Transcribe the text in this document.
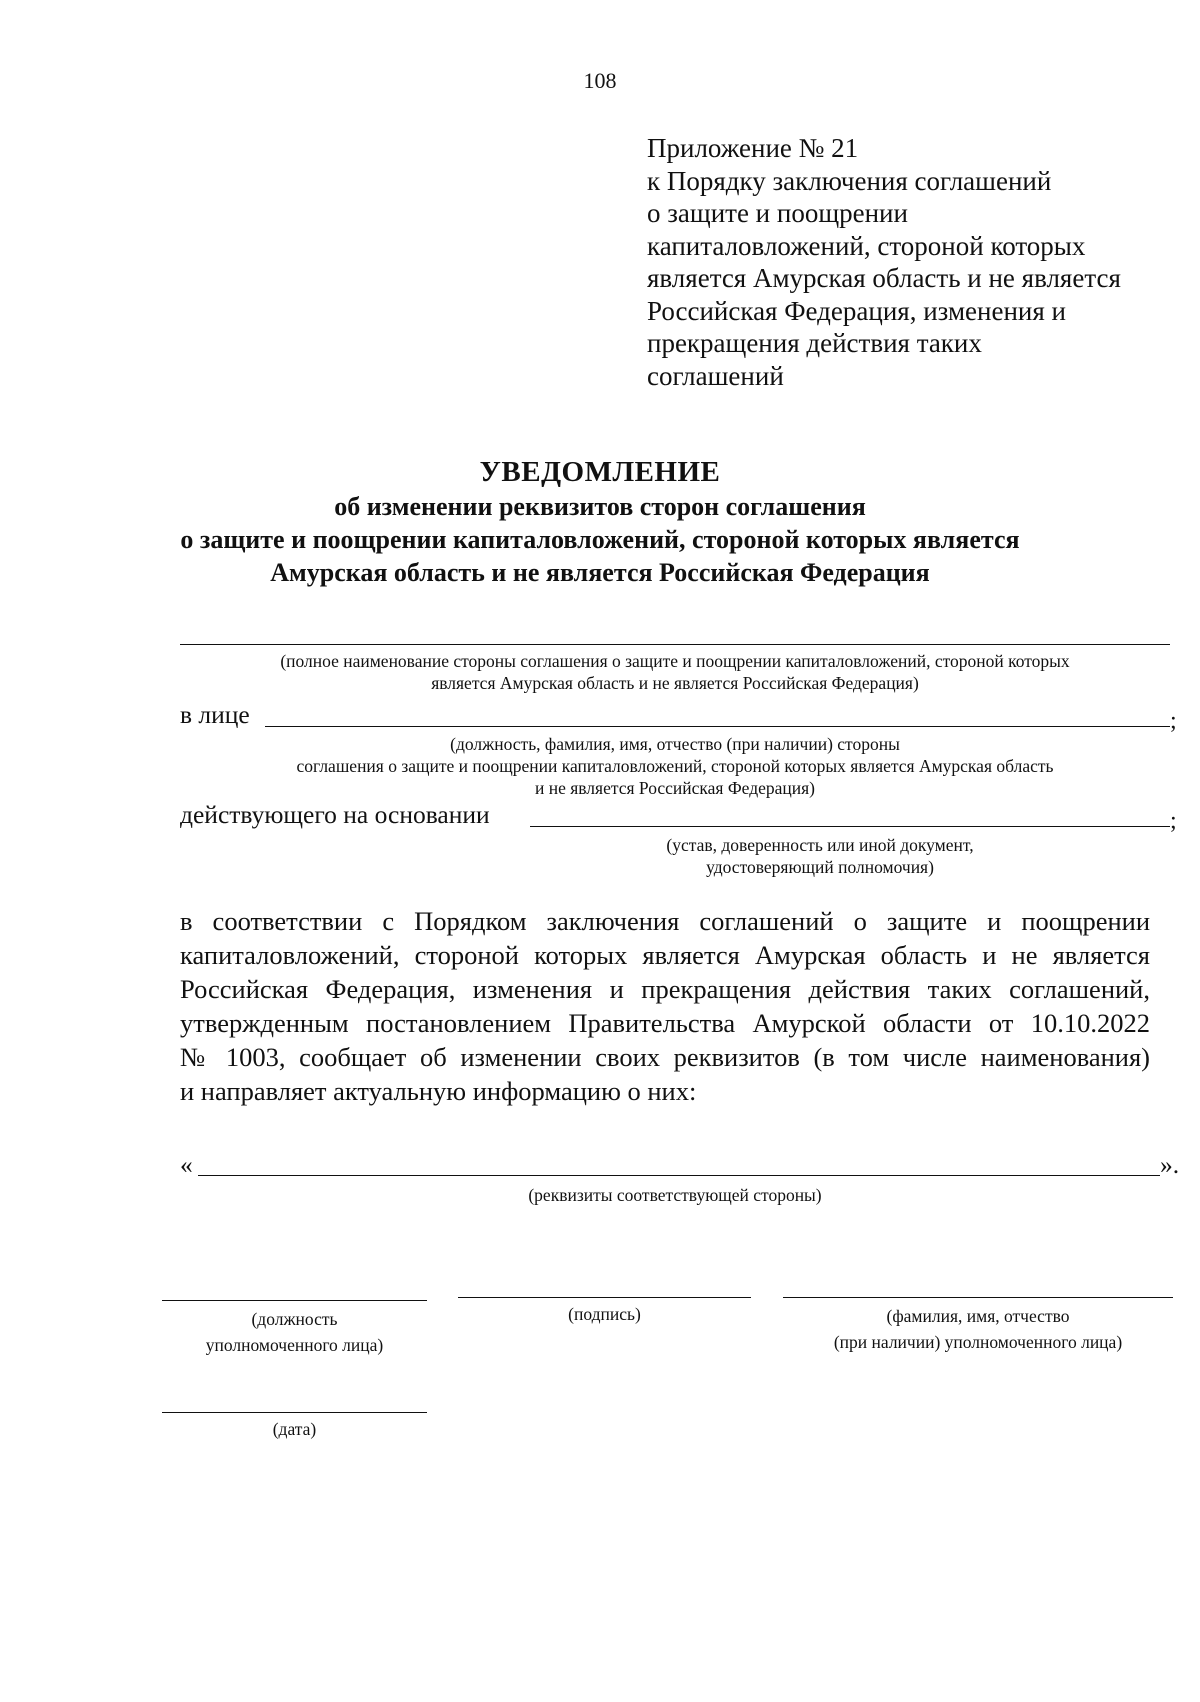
108
Приложение № 21
к Порядку заключения соглашений
о защите и поощрении
капиталовложений, стороной которых
является Амурская область и не является
Российская Федерация, изменения и
прекращения действия таких
соглашений
УВЕДОМЛЕНИЕ
об изменении реквизитов сторон соглашения
о защите и поощрении капиталовложений, стороной которых является
Амурская область и не является Российская Федерация
(полное наименование стороны соглашения о защите и поощрении капиталовложений, стороной которых
является Амурская область и не является Российская Федерация)
в лице	;
(должность, фамилия, имя, отчество (при наличии) стороны
соглашения о защите и поощрении капиталовложений, стороной которых является Амурская область
и не является Российская Федерация)
действующего на основании	;
(устав, доверенность или иной документ,
удостоверяющий полномочия)
в соответствии с Порядком заключения соглашений о защите и поощрении
капиталовложений, стороной которых является Амурская область и не является
Российская Федерация, изменения и прекращения действия таких соглашений,
утвержденным постановлением Правительства Амурской области от 10.10.2022
№ 1003, сообщает об изменении своих реквизитов (в том числе наименования)
и направляет актуальную информацию о них:
«	».
(реквизиты соответствующей стороны)
(должность
уполномоченного лица)
(подпись)	(фамилия, имя, отчество
(при наличии) уполномоченного лица)
(дата)
